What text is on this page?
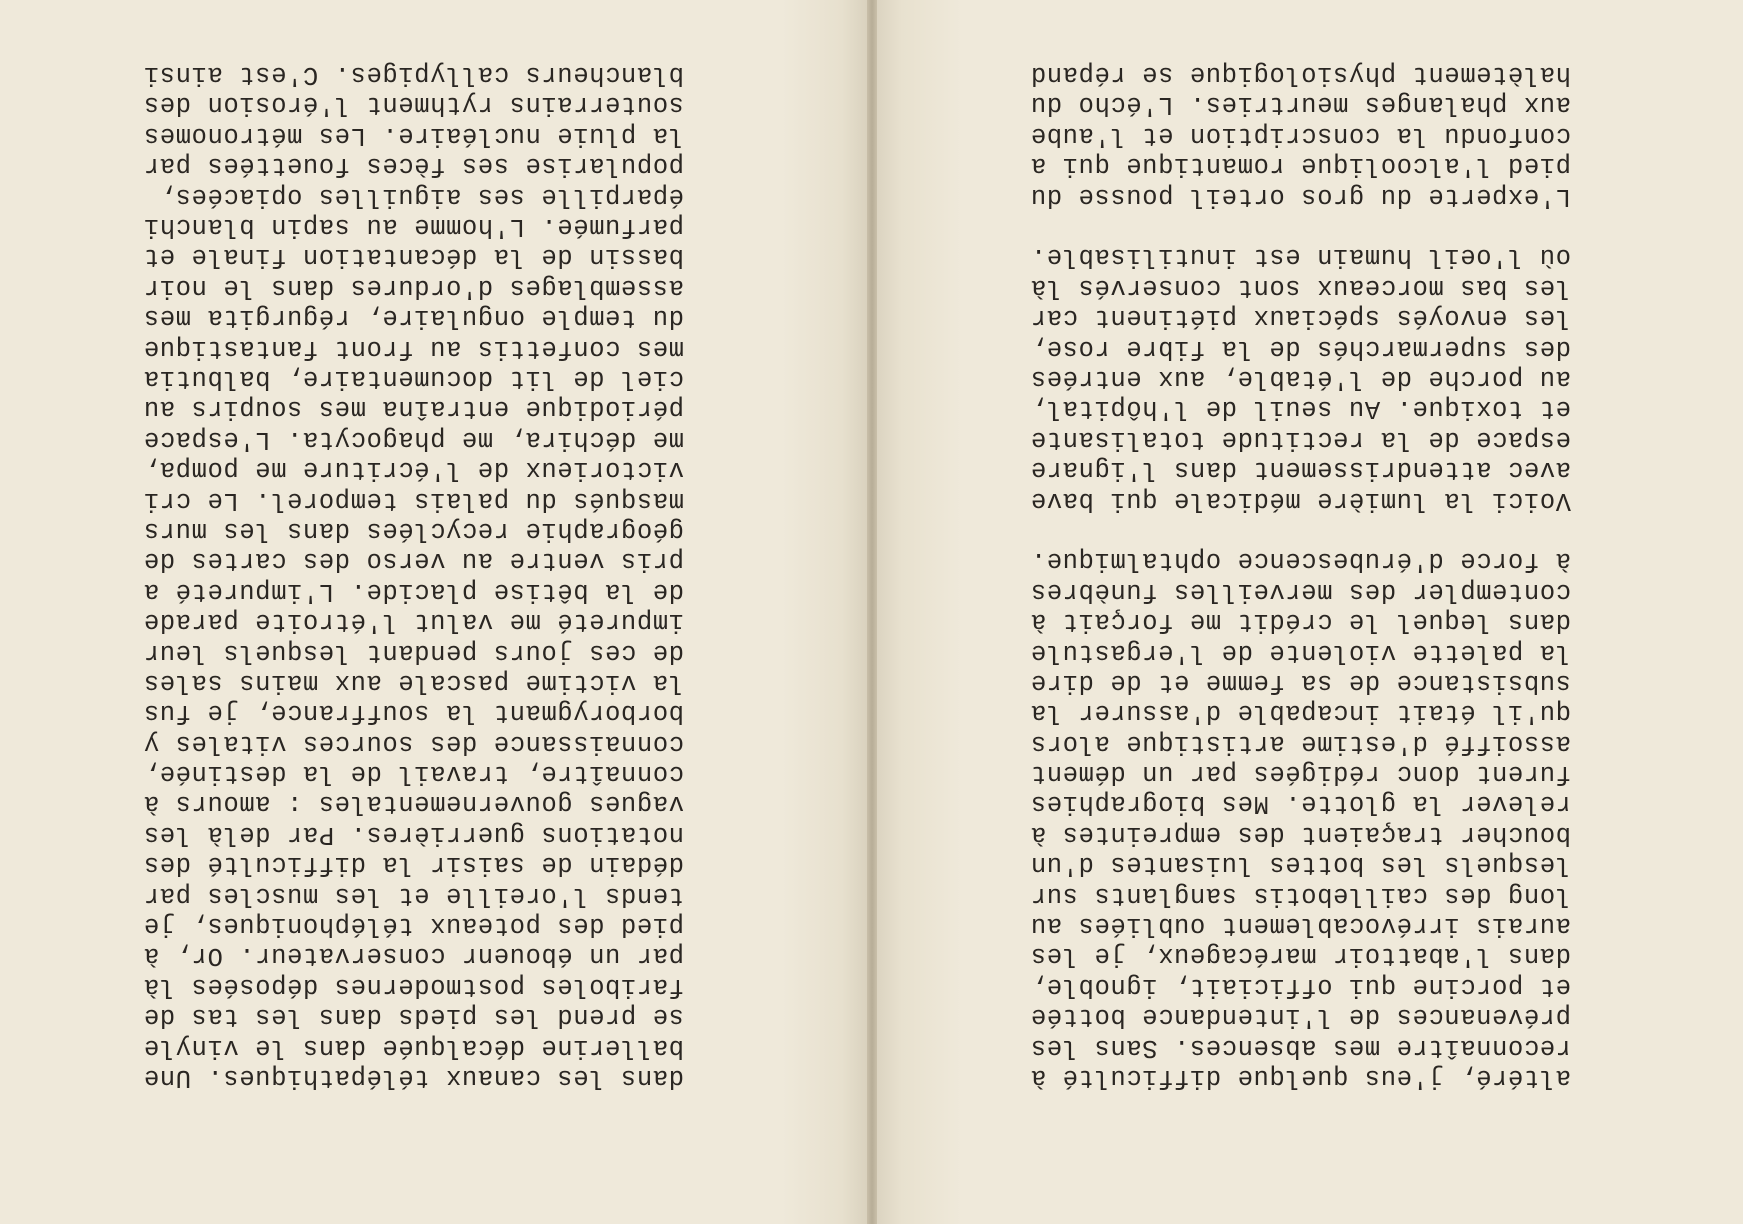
altéré, j'eus quelque difficulté à
reconnaître mes absences. Sans les
prévenances de l'intendance bottée
et porcine qui officiait, ignoble,
dans l'abattoir marécageux, je les
aurais irrévocablement oubliées au
long des caillebotis sanglants sur
lesquels les bottes luisantes d'un
boucher traçaient des empreintes à
relever la glotte. Mes biographies
furent donc rédigées par un dément
assoiffé d'estime artistique alors
qu'il était incapable d'assurer la
subsistance de sa femme et de dire
la palette violente de l'ergastule
dans lequel le crédit me forçait à
contempler des merveilles funèbres
à force d'érubescence ophtalmique.
Voici la lumière médicale qui bave
avec attendrissement dans l'ignare
espace de la rectitude totalisante
et toxique. Au seuil de l'hôpital,
au porche de l'étable, aux entrées
des supermarchés de la fibre rose,
les envoyés spéciaux piétinent car
les bas morceaux sont conservés là
où l'oeil humain est inutilisable.
L'experte du gros orteil pousse du
pied l'alcoolique romantique qui a
confondu la conscription et l'aube
aux phalanges meurtries. L'écho du
halètement physiologique se répand
dans les canaux télépathiques. Une
ballerine décalquée dans le vinyle
se prend les pieds dans les tas de
fariboles postmodernes déposées là
par un ébouenr conservateur. Or, à
pied des poteaux téléphoniques, je
tends l'oreille et les muscles par
dédain de saisir la difficulté des
notations guerrières. Par delà les
vagues gouvernementales : amours à
connaître, travail de la destinée,
connaissance des sources vitales y
borborygmant la souffrance, je fus
la victime pascale aux mains sales
de ces jours pendant lesquels leur
impureté me valut l'étroite parade
de la bêtise placide. L'impureté a
pris ventre au verso des cartes de
géographie recyclées dans les murs
masqués du palais temporel. Le cri
victorieux de l'écriture me pompa,
me déchira, me phagocyta. L'espace
périodique entraîna mes soupirs au
ciel de lit documentaire, balbutia
mes confettis au front fantastique
du temple ongulaire, régurgita mes
assemblages d'ordures dans le noir
bassin de la décantation finale et
parfumée. L'homme au sapin blanchi
éparpille ses aiguilles opiacées,
popularise ses fèces fouettées par
la pluie nucléaire. Les métronomes
souterrains rythment l'érosion des
blancheurs callypiges. C'est ainsi
